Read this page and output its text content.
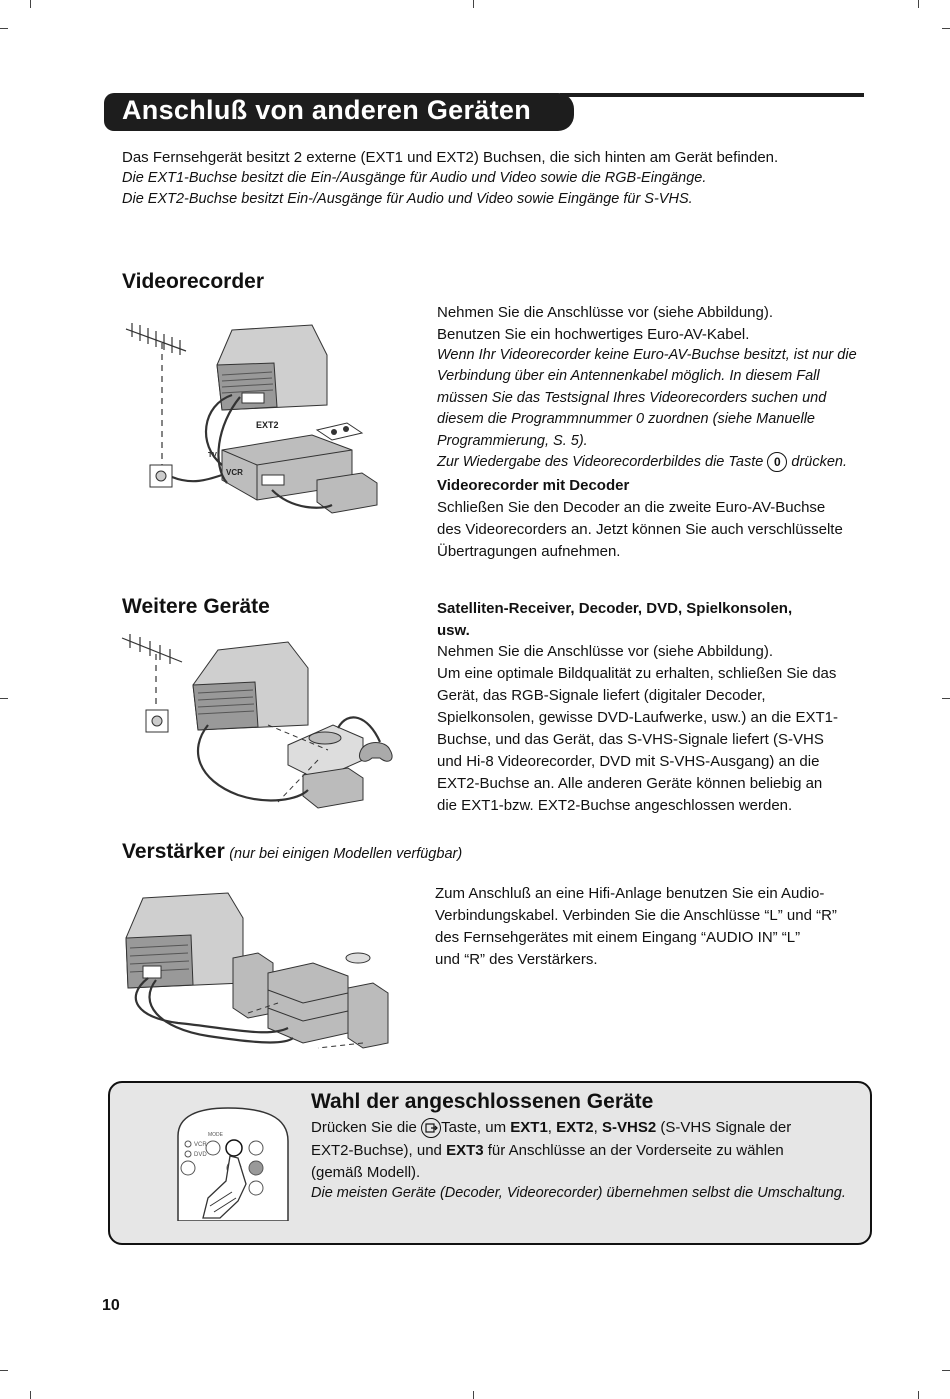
Anschluß von anderen Geräten
Das Fernsehgerät besitzt 2 externe (EXT1 und EXT2) Buchsen, die sich hinten am Gerät befinden.
Die EXT1-Buchse besitzt die Ein-/Ausgänge für Audio und Video sowie die RGB-Eingänge.
Die EXT2-Buchse besitzt Ein-/Ausgänge für Audio und Video sowie Eingänge für S-VHS.
Videorecorder
EXT2
VCR
TV
Nehmen Sie die Anschlüsse vor (siehe Abbildung).
Benutzen Sie ein hochwertiges Euro-AV-Kabel.
Wenn Ihr Videorecorder keine Euro-AV-Buchse besitzt, ist nur die
Verbindung über ein Antennenkabel möglich. In diesem Fall
müssen Sie das Testsignal Ihres Videorecorders suchen und
diesem die Programmnummer 0 zuordnen (siehe Manuelle
Programmierung, S. 5).
Zur Wiedergabe des Videorecorderbildes die Taste 0 drücken.
Videorecorder mit Decoder
Schließen Sie den Decoder an die zweite Euro-AV-Buchse
des Videorecorders an. Jetzt können Sie auch verschlüsselte
Übertragungen aufnehmen.
Weitere Geräte	Satelliten-Receiver, Decoder, DVD, Spielkonsolen,
usw.
Nehmen Sie die Anschlüsse vor (siehe Abbildung).
Um eine optimale Bildqualität zu erhalten, schließen Sie das
Gerät, das RGB-Signale liefert (digitaler Decoder,
Spielkonsolen, gewisse DVD-Laufwerke, usw.) an die EXT1-
Buchse, und das Gerät, das S-VHS-Signale liefert (S-VHS
und Hi-8 Videorecorder, DVD mit S-VHS-Ausgang) an die
EXT2-Buchse an. Alle anderen Geräte können beliebig an
die EXT1-bzw. EXT2-Buchse angeschlossen werden.
Verstärker (nur bei einigen Modellen verfügbar)
Zum Anschluß an eine Hifi-Anlage benutzen Sie ein Audio-
Verbindungskabel. Verbinden Sie die Anschlüsse “L” und “R”
des Fernsehgerätes mit einem Eingang “AUDIO IN” “L”
und “R” des Verstärkers.
VCR
DVD
MODE
Wahl der angeschlossenen Geräte
Drücken Sie die Taste, um EXT1, EXT2, S-VHS2 (S-VHS Signale der
EXT2-Buchse), und EXT3 für Anschlüsse an der Vorderseite zu wählen
(gemäß Modell).
Die meisten Geräte (Decoder, Videorecorder) übernehmen selbst die Umschaltung.
10
